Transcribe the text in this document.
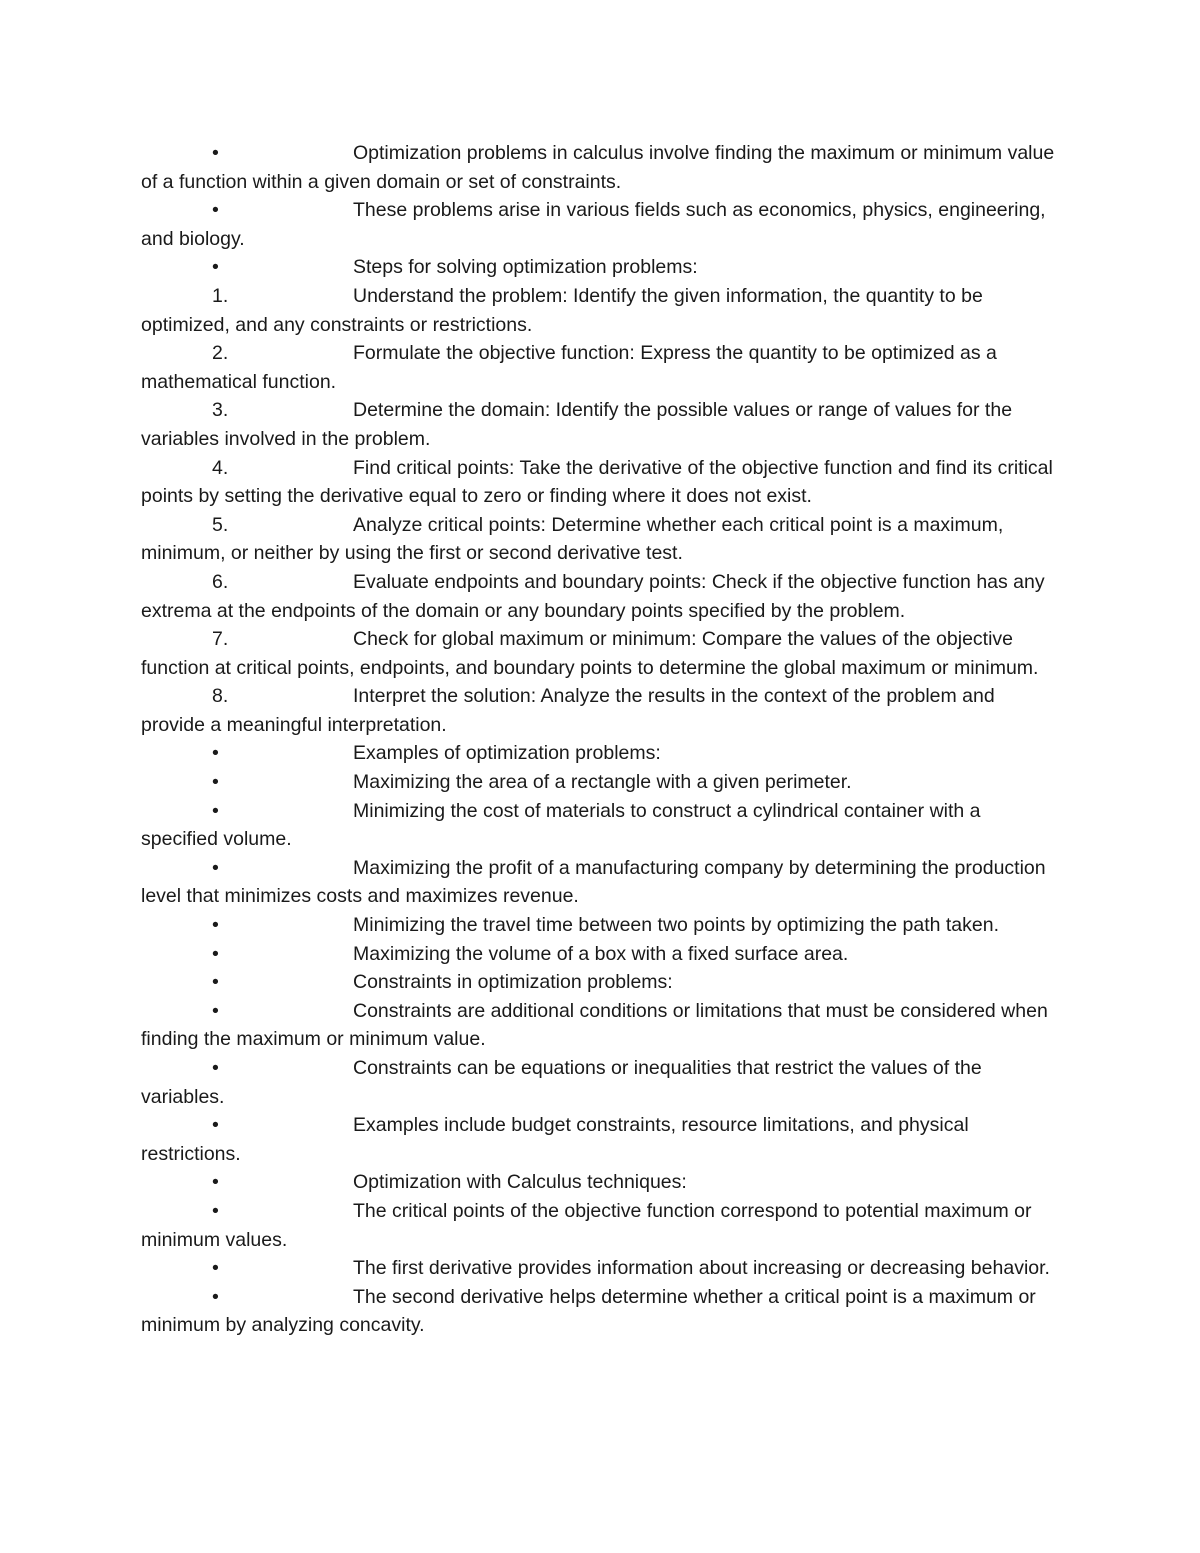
•	Optimization problems in calculus involve finding the maximum or minimum value of a function within a given domain or set of constraints.

•	These problems arise in various fields such as economics, physics, engineering, and biology.

•	Steps for solving optimization problems:

1.	Understand the problem: Identify the given information, the quantity to be optimized, and any constraints or restrictions.

2.	Formulate the objective function: Express the quantity to be optimized as a mathematical function.

3.	Determine the domain: Identify the possible values or range of values for the variables involved in the problem.

4.	Find critical points: Take the derivative of the objective function and find its critical points by setting the derivative equal to zero or finding where it does not exist.

5.	Analyze critical points: Determine whether each critical point is a maximum, minimum, or neither by using the first or second derivative test.

6.	Evaluate endpoints and boundary points: Check if the objective function has any extrema at the endpoints of the domain or any boundary points specified by the problem.

7.	Check for global maximum or minimum: Compare the values of the objective function at critical points, endpoints, and boundary points to determine the global maximum or minimum.

8.	Interpret the solution: Analyze the results in the context of the problem and provide a meaningful interpretation.

•	Examples of optimization problems:

•	Maximizing the area of a rectangle with a given perimeter.

•	Minimizing the cost of materials to construct a cylindrical container with a specified volume.

•	Maximizing the profit of a manufacturing company by determining the production level that minimizes costs and maximizes revenue.

•	Minimizing the travel time between two points by optimizing the path taken.

•	Maximizing the volume of a box with a fixed surface area.

•	Constraints in optimization problems:

•	Constraints are additional conditions or limitations that must be considered when finding the maximum or minimum value.

•	Constraints can be equations or inequalities that restrict the values of the variables.

•	Examples include budget constraints, resource limitations, and physical restrictions.

•	Optimization with Calculus techniques:

•	The critical points of the objective function correspond to potential maximum or minimum values.

•	The first derivative provides information about increasing or decreasing behavior.

•	The second derivative helps determine whether a critical point is a maximum or minimum by analyzing concavity.
